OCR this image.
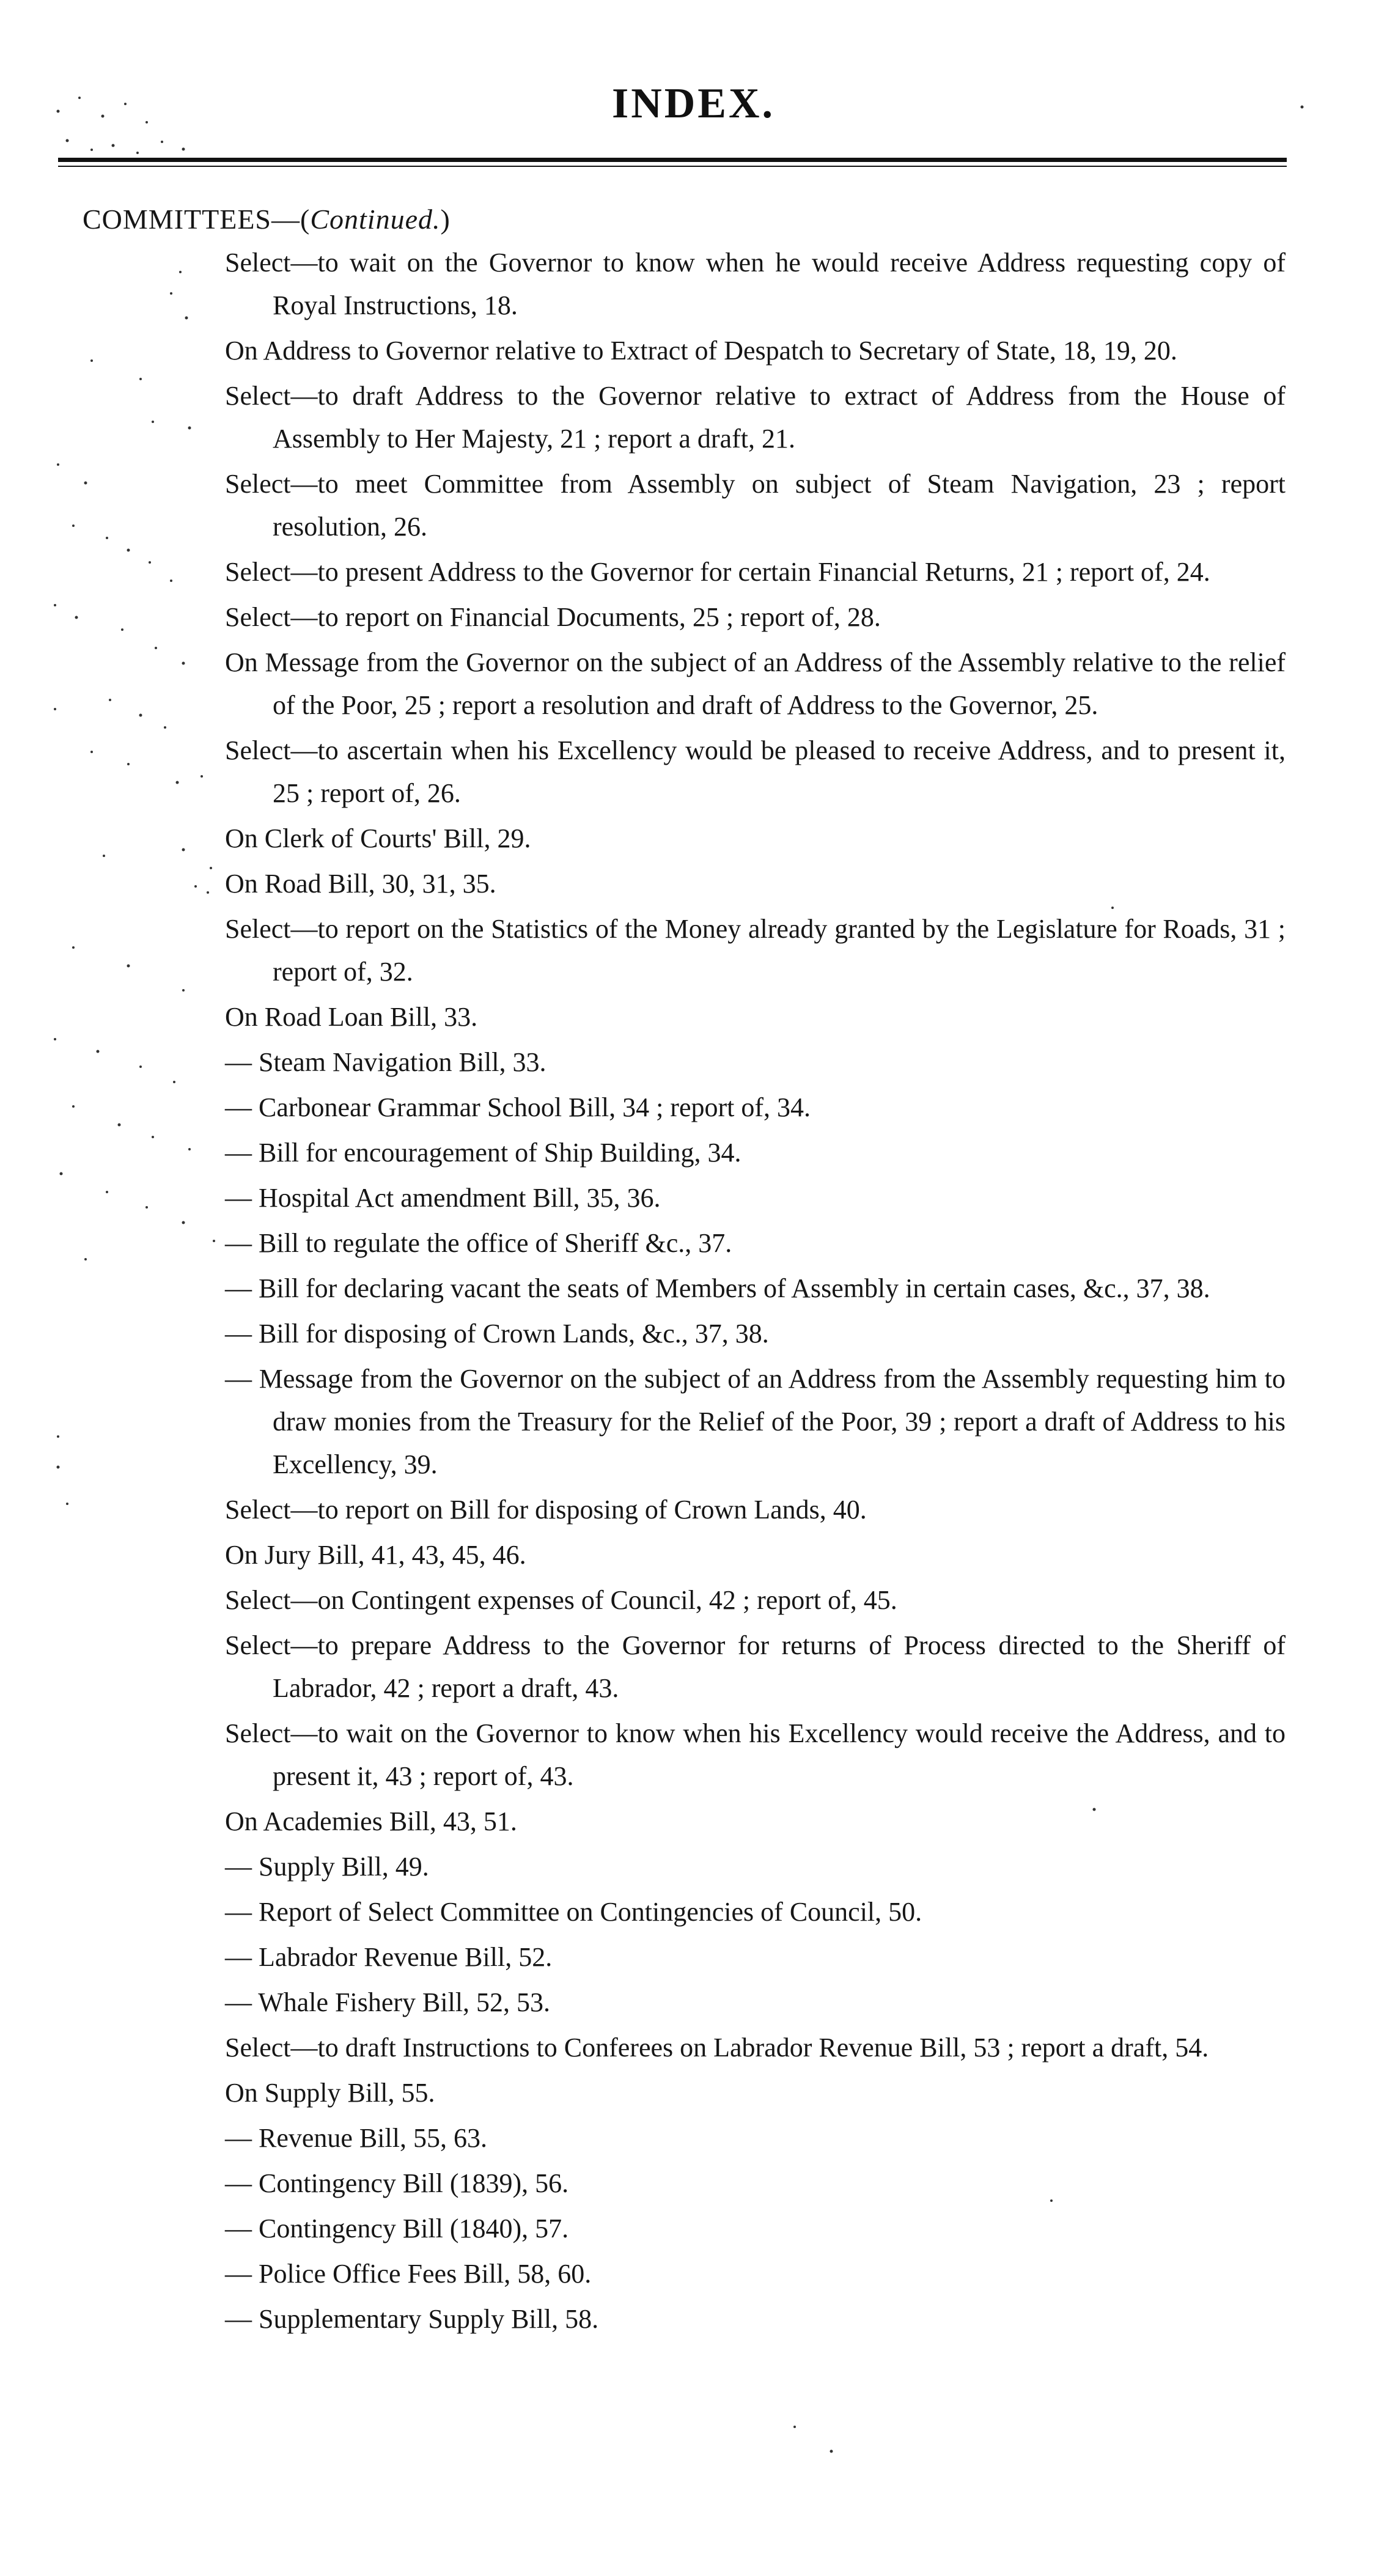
INDEX.
COMMITTEES—(Continued.)
Select—to wait on the Governor to know when he would receive Address requesting copy of Royal Instructions, 18.
On Address to Governor relative to Extract of Despatch to Secretary of State, 18, 19, 20.
Select—to draft Address to the Governor relative to extract of Address from the House of Assembly to Her Majesty, 21 ; report a draft, 21.
Select—to meet Committee from Assembly on subject of Steam Navigation, 23 ; report resolution, 26.
Select—to present Address to the Governor for certain Financial Returns, 21 ; report of, 24.
Select—to report on Financial Documents, 25 ; report of, 28.
On Message from the Governor on the subject of an Address of the Assembly relative to the relief of the Poor, 25 ; report a resolution and draft of Address to the Governor, 25.
Select—to ascertain when his Excellency would be pleased to receive Address, and to present it, 25 ; report of, 26.
On Clerk of Courts' Bill, 29.
On Road Bill, 30, 31, 35.
Select—to report on the Statistics of the Money already granted by the Legislature for Roads, 31 ; report of, 32.
On Road Loan Bill, 33.
— Steam Navigation Bill, 33.
— Carbonear Grammar School Bill, 34 ; report of, 34.
— Bill for encouragement of Ship Building, 34.
— Hospital Act amendment Bill, 35, 36.
— Bill to regulate the office of Sheriff &c., 37.
— Bill for declaring vacant the seats of Members of Assembly in certain cases, &c., 37, 38.
— Bill for disposing of Crown Lands, &c., 37, 38.
— Message from the Governor on the subject of an Address from the Assembly requesting him to draw monies from the Treasury for the Relief of the Poor, 39 ; report a draft of Address to his Excellency, 39.
Select—to report on Bill for disposing of Crown Lands, 40.
On Jury Bill, 41, 43, 45, 46.
Select—on Contingent expenses of Council, 42 ; report of, 45.
Select—to prepare Address to the Governor for returns of Process directed to the Sheriff of Labrador, 42 ; report a draft, 43.
Select—to wait on the Governor to know when his Excellency would receive the Address, and to present it, 43 ; report of, 43.
On Academies Bill, 43, 51.
— Supply Bill, 49.
— Report of Select Committee on Contingencies of Council, 50.
— Labrador Revenue Bill, 52.
— Whale Fishery Bill, 52, 53.
Select—to draft Instructions to Conferees on Labrador Revenue Bill, 53 ; report a draft, 54.
On Supply Bill, 55.
— Revenue Bill, 55, 63.
— Contingency Bill (1839), 56.
— Contingency Bill (1840), 57.
— Police Office Fees Bill, 58, 60.
— Supplementary Supply Bill, 58.
